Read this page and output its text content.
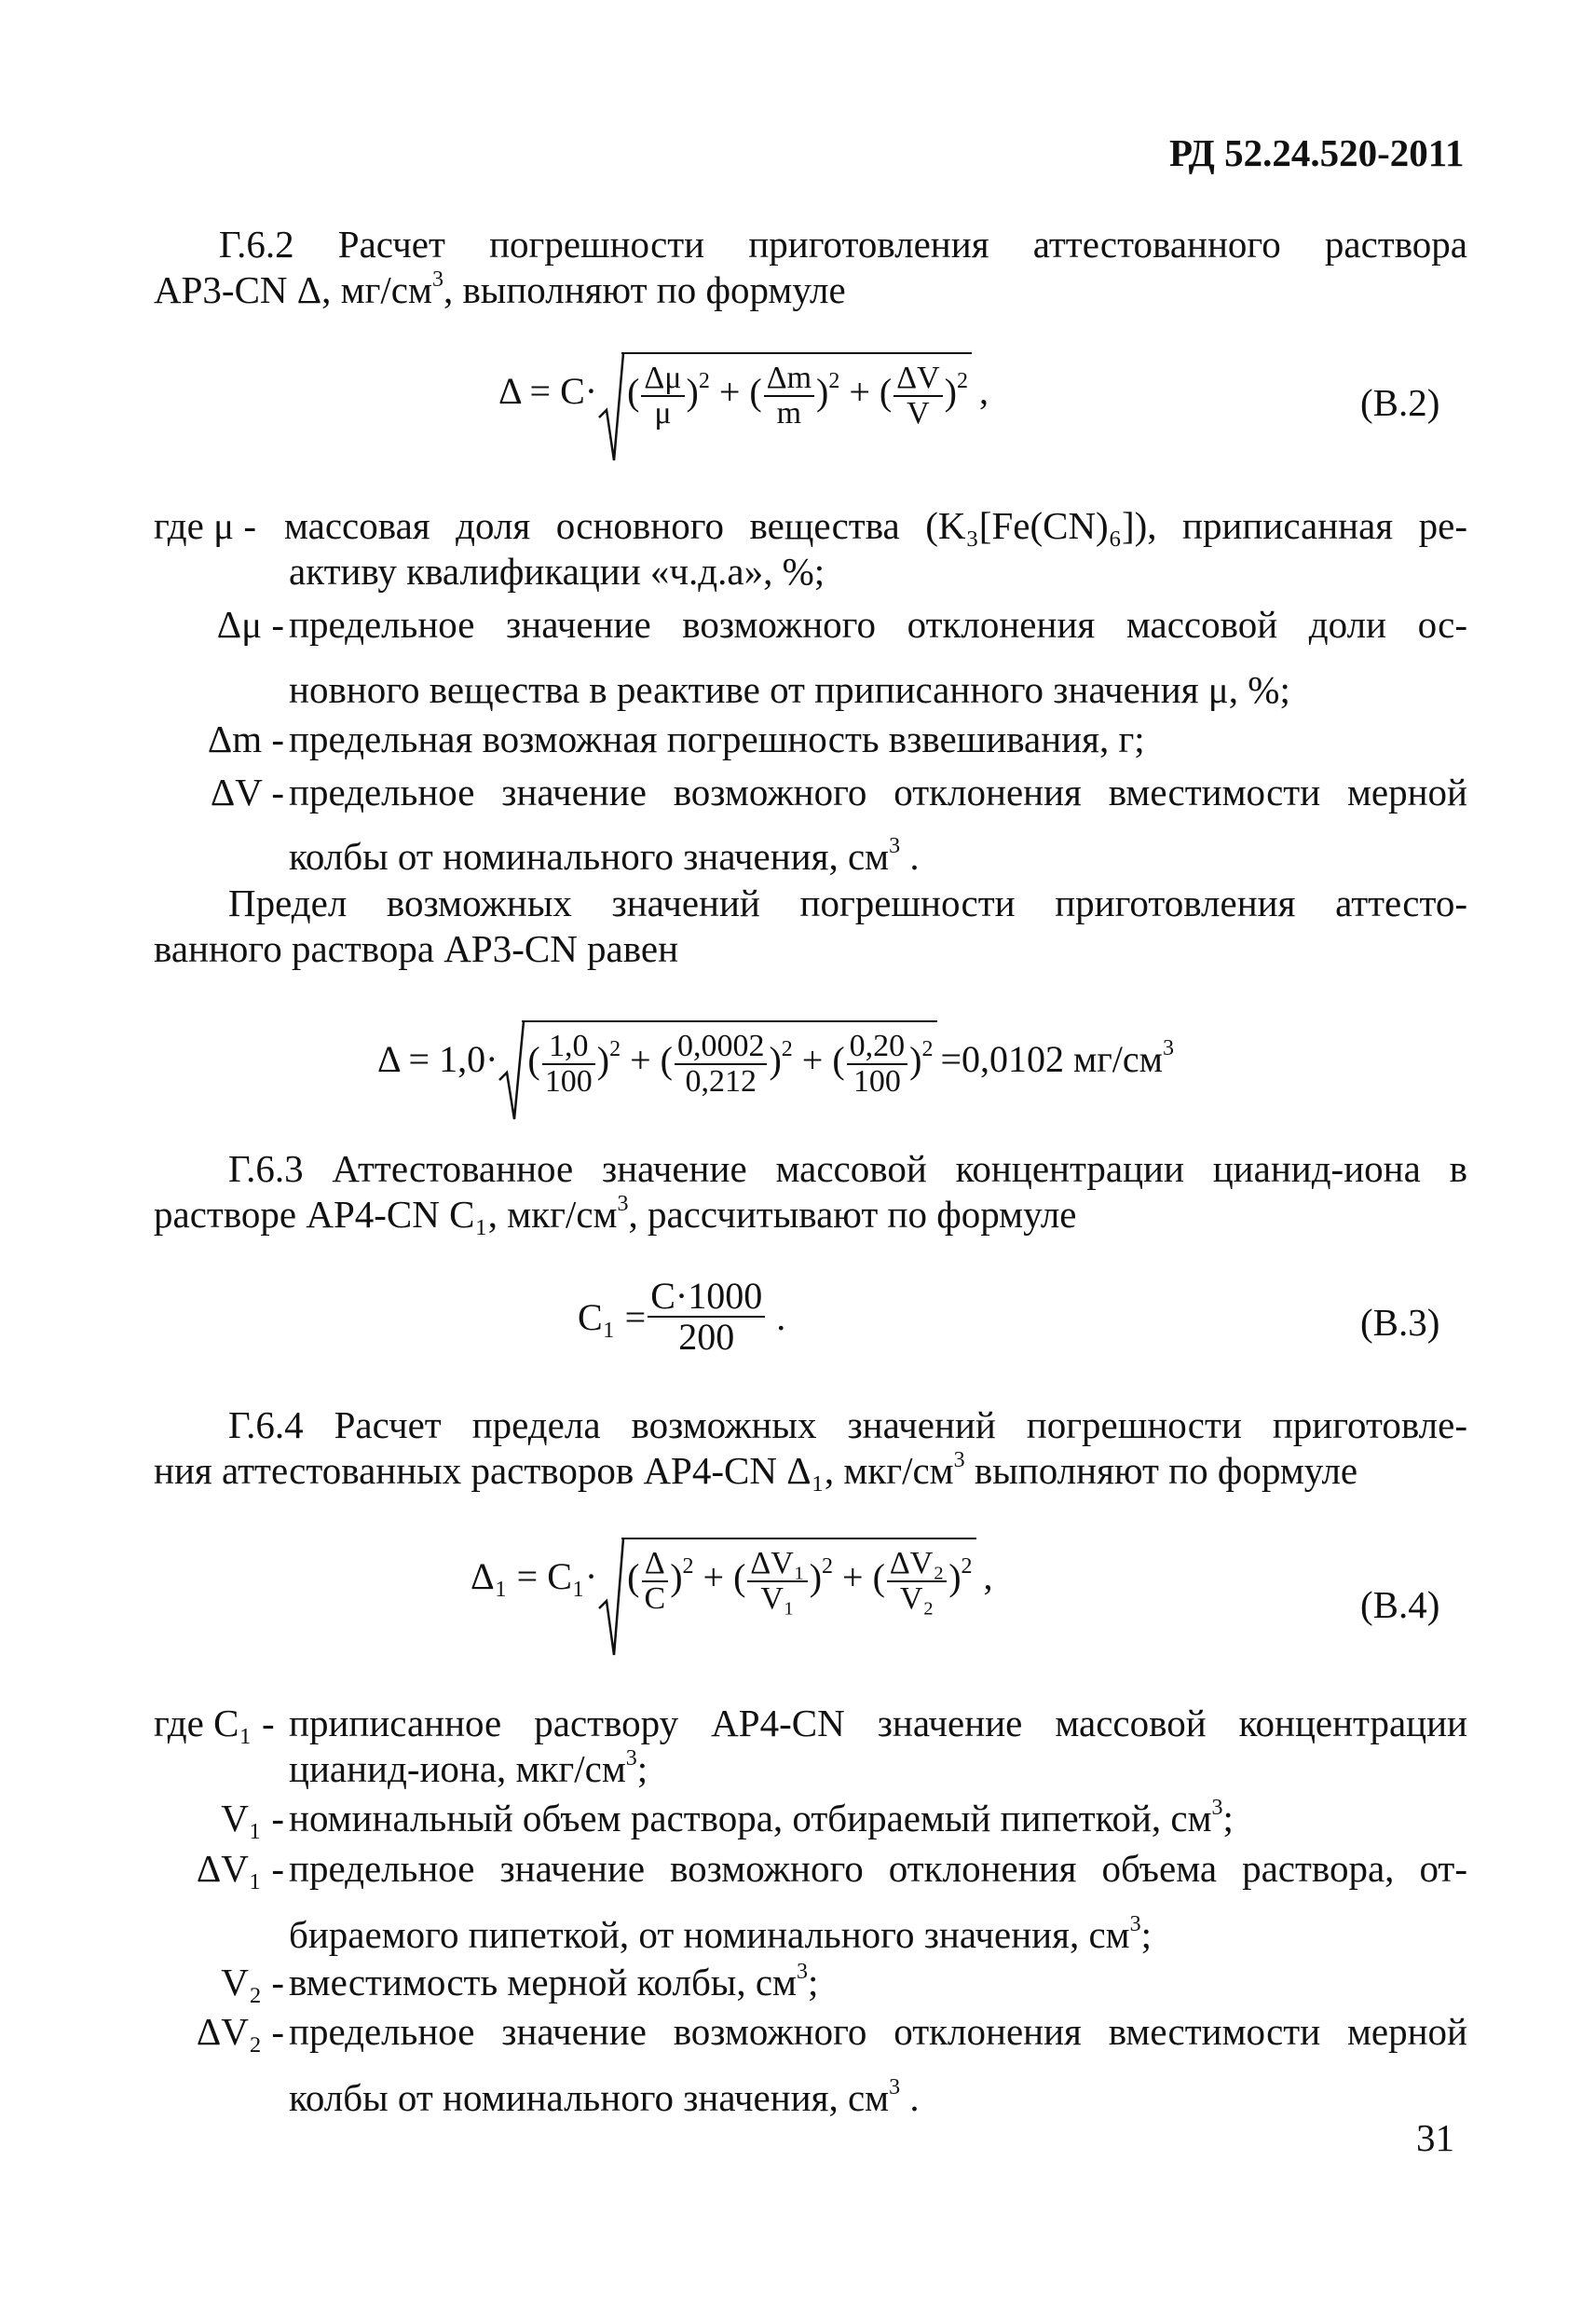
РД 52.24.520-2011
Г.6.2 Расчет погрешности приготовления аттестованного раствора
АР3-CN Δ, $мг/см^3$, выполняют по формуле
Δ = C· ( $\frac{\Delta\mu}{\mu} )^2$ + ( $\frac{\Delta m}{m} )^2$ + ( $\frac{\Delta V}{V} )^2$ ,	(В.2)
где μ - массовая доля основного вещества (K₃[Fe(CN)₆]), приписанная ре-
активу квалификации «ч.д.а», %;
Δμ - предельное значение возможного отклонения массовой доли ос-
новного вещества в реактиве от приписанного значения μ, %;
Δm - предельная возможная погрешность взвешивания, г;
ΔV - предельное значение возможного отклонения вместимости мерной
колбы от номинального значения, $см^3$ .
Предел возможных значений погрешности приготовления аттесто-
ванного раствора АР3-CN равен
Δ = 1,0· ( $\frac{1,0}{100} )^2$ + ( $\frac{0,0002}{0,212} )^2$ + ( $\frac{0,20}{100} )^2 =0,0102$ $мг/см^3$
Г.6.3 Аттестованное значение массовой концентрации цианид-иона в
растворе АР4-CN C₁, мкг/$см^3$, рассчитывают по формуле
$C_1 = \frac{C\cdot 1000}{200}$ .	(В.3)
Г.6.4 Расчет предела возможных значений погрешности приготовле-
ния аттестованных растворов АР4-CN Δ₁, мкг/$см^3$ выполняют по формуле
Δ₁ = C₁· ( $\frac{\Delta}{C} )^2$ + ( $\frac{\text{ΔV₁}}{\text{V₁}} )^2$ + ( $\frac{\text{ΔV₂}}{\text{V₂}} )^2$ ,
(В.4)
где C₁ - приписанное раствору АР4-CN значение массовой концентрации
цианид-иона, мкг/$см^3$;
V₁ - номинальный объем раствора, отбираемый пипеткой, $см^3$;
ΔV₁ - предельное значение возможного отклонения объема раствора, от-
бираемого пипеткой, от номинального значения, $см^3$;
V₂ - вместимость мерной колбы, $см^3$;
ΔV₂ - предельное значение возможного отклонения вместимости мерной
колбы от номинального значения, $см^3$ .
31
